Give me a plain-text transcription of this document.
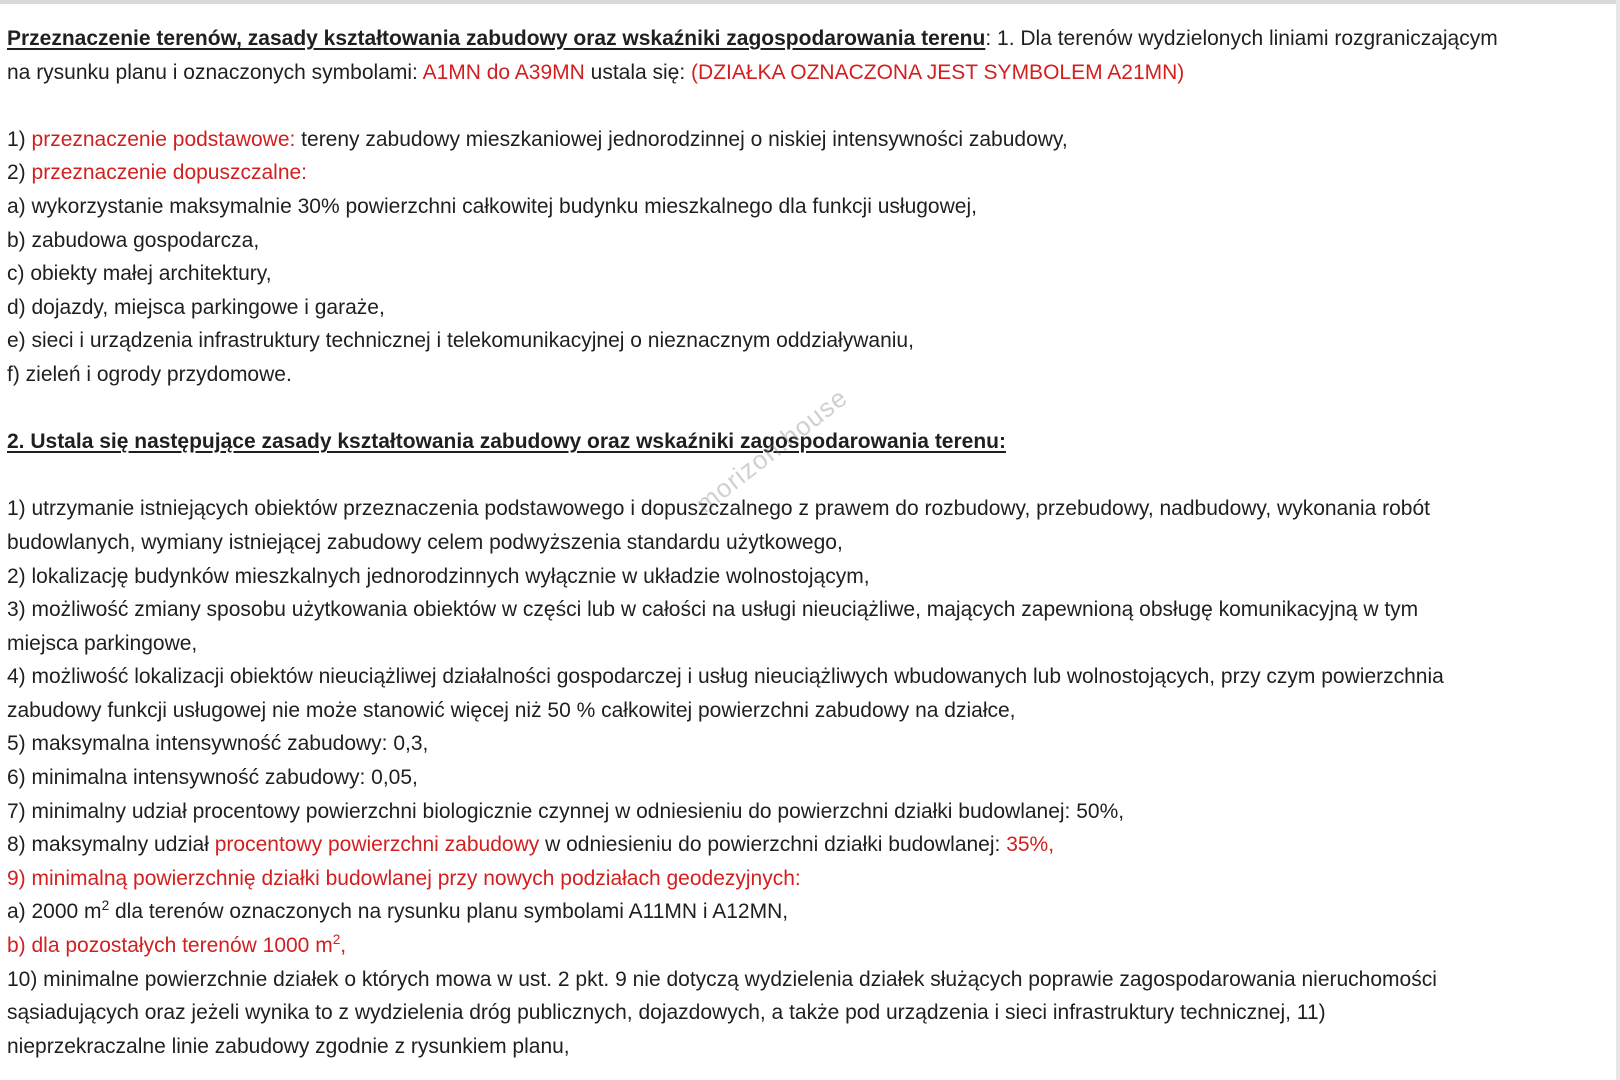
Przeznaczenie terenów, zasady kształtowania zabudowy oraz wskaźniki zagospodarowania terenu: 1. Dla terenów wydzielonych liniami rozgraniczającym
na rysunku planu i oznaczonych symbolami: A1MN do A39MN ustala się: (DZIAŁKA OZNACZONA JEST SYMBOLEM A21MN)
1) przeznaczenie podstawowe: tereny zabudowy mieszkaniowej jednorodzinnej o niskiej intensywności zabudowy,
2) przeznaczenie dopuszczalne:
a) wykorzystanie maksymalnie 30% powierzchni całkowitej budynku mieszkalnego dla funkcji usługowej,
b) zabudowa gospodarcza,
c) obiekty małej architektury,
d) dojazdy, miejsca parkingowe i garaże,
e) sieci i urządzenia infrastruktury technicznej i telekomunikacyjnej o nieznacznym oddziaływaniu,
f) zieleń i ogrody przydomowe.
2. Ustala się następujące zasady kształtowania zabudowy oraz wskaźniki zagospodarowania terenu:
1) utrzymanie istniejących obiektów przeznaczenia podstawowego i dopuszczalnego z prawem do rozbudowy, przebudowy, nadbudowy, wykonania robót
budowlanych, wymiany istniejącej zabudowy celem podwyższenia standardu użytkowego,
2) lokalizację budynków mieszkalnych jednorodzinnych wyłącznie w układzie wolnostojącym,
3) możliwość zmiany sposobu użytkowania obiektów w części lub w całości na usługi nieuciążliwe, mających zapewnioną obsługę komunikacyjną w tym
miejsca parkingowe,
4) możliwość lokalizacji obiektów nieuciążliwej działalności gospodarczej i usług nieuciążliwych wbudowanych lub wolnostojących, przy czym powierzchnia
zabudowy funkcji usługowej nie może stanowić więcej niż 50 % całkowitej powierzchni zabudowy na działce,
5) maksymalna intensywność zabudowy: 0,3,
6) minimalna intensywność zabudowy: 0,05,
7) minimalny udział procentowy powierzchni biologicznie czynnej w odniesieniu do powierzchni działki budowlanej: 50%,
8) maksymalny udział procentowy powierzchni zabudowy w odniesieniu do powierzchni działki budowlanej: 35%,
9) minimalną powierzchnię działki budowlanej przy nowych podziałach geodezyjnych:
a) 2000 $m^2$ dla terenów oznaczonych na rysunku planu symbolami A11MN i A12MN,
b) dla pozostałych terenów 1000 $m^2$,
10) minimalne powierzchnie działek o których mowa w ust. 2 pkt. 9 nie dotyczą wydzielenia działek służących poprawie zagospodarowania nieruchomości
sąsiadujących oraz jeżeli wynika to z wydzielenia dróg publicznych, dojazdowych, a także pod urządzenia i sieci infrastruktury technicznej, 11)
nieprzekraczalne linie zabudowy zgodnie z rysunkiem planu,
morizon.house
